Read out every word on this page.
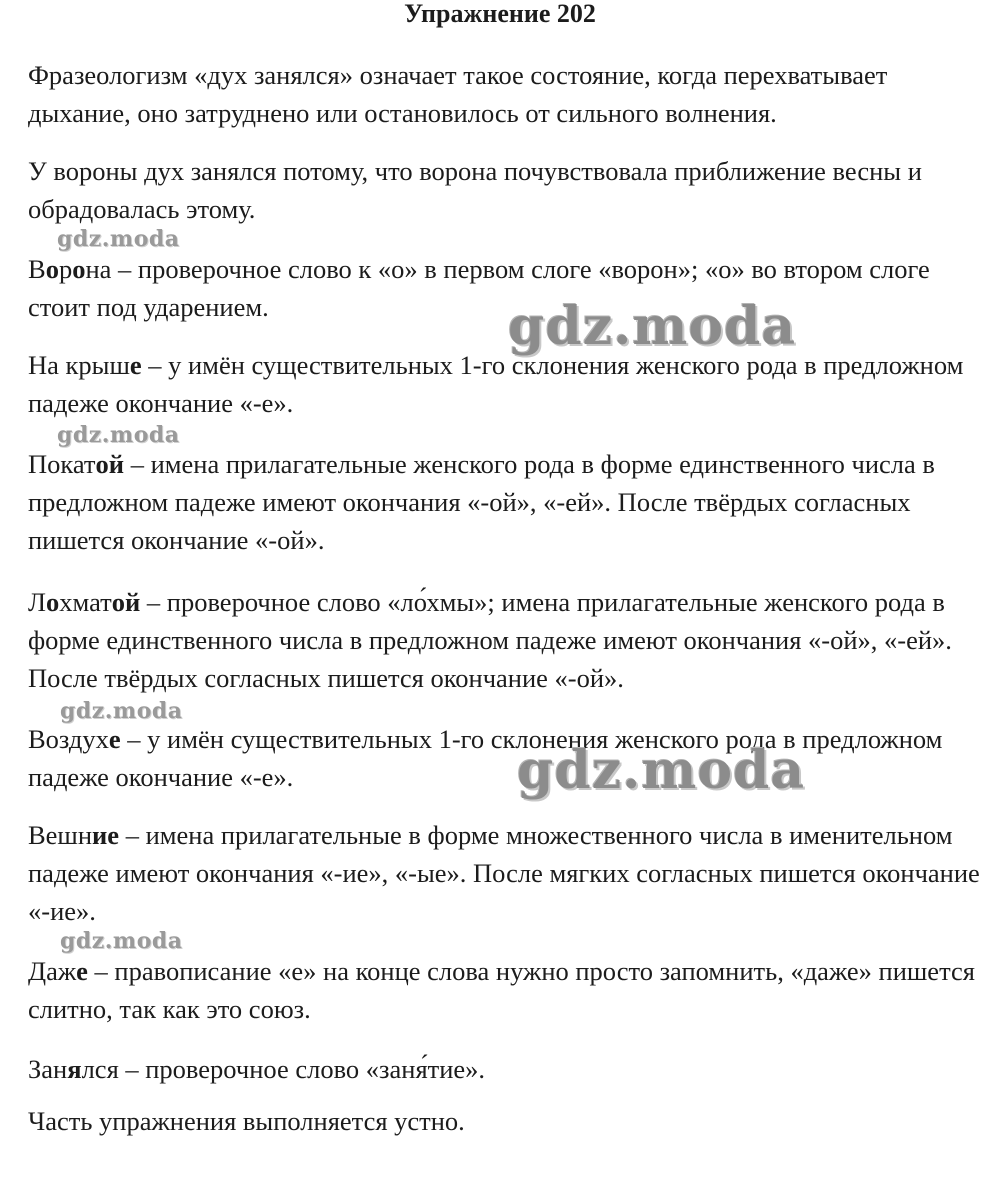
Упражнение 202

Фразеологизм «дух занялся» означает такое состояние, когда перехватывает дыхание, оно затруднено или остановилось от сильного волнения.

У вороны дух занялся потому, что ворона почувствовала приближение весны и обрадовалась этому.

gdz.moda

Ворона – проверочное слово к «о» в первом слоге «ворон»; «о» во втором слоге стоит под ударением.	gdz.moda

На крыше – у имён существительных 1-го склонения женского рода в предложном падеже окончание «-е».

gdz.moda

Покатой – имена прилагательные женского рода в форме единственного числа в предложном падеже имеют окончания «-ой», «-ей». После твёрдых согласных пишется окончание «-ой».

Лохматой – проверочное слово «ло́хмы»; имена прилагательные женского рода в форме единственного числа в предложном падеже имеют окончания «-ой», «-ей». После твёрдых согласных пишется окончание «-ой».

gdz.moda

Воздухе – у имён существительных 1-го склонения женского рода в предложном падеже окончание «-е».	gdz.moda

Вешние – имена прилагательные в форме множественного числа в именительном падеже имеют окончания «-ие», «-ые». После мягких согласных пишется окончание «-ие».

gdz.moda

Даже – правописание «е» на конце слова нужно просто запомнить, «даже» пишется слитно, так как это союз.

Занялся – проверочное слово «заня́тие».

Часть упражнения выполняется устно.
